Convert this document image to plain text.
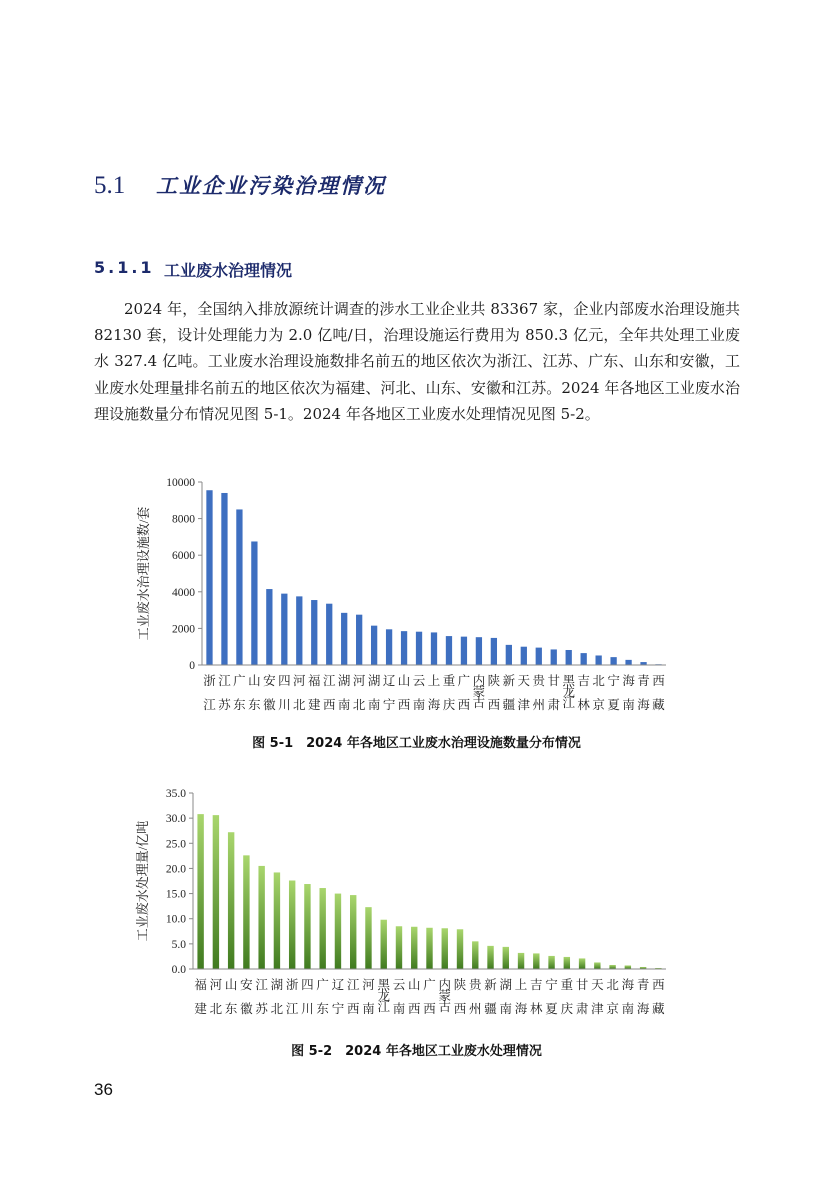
5.1	工业企业污染治理情况
5.1.1 工业废水治理情况

2024 年，全国纳入排放源统计调查的涉水工业企业共 83367 家，企业内部废水治理设施共 82130 套，设计处理能力为 2.0 亿吨/日，治理设施运行费用为 850.3 亿元，全年共处理工业废水 327.4 亿吨。工业废水治理设施数排名前五的地区依次为浙江、江苏、广东、山东和安徽，工业废水处理量排名前五的地区依次为福建、河北、山东、安徽和江苏。2024 年各地区工业废水治理设施数量分布情况见图 5-1。2024 年各地区工业废水处理情况见图 5-2。

工业废水治理设施数/套
0
2000
4000
6000
8000
10000
浙江
江苏
广东
山东
安徽
四川
河北
福建
江西
湖南
河北
湖南
辽宁
山西
云南
上海
重庆
广西
内蒙古
陕西
新疆
天津
贵州
甘肃
黑龙江
吉林
北京
宁夏
海南
青海
西藏
图 5-1　2024 年各地区工业废水治理设施数量分布情况
工业废水处理量/亿吨
0.0
5.0
10.0
15.0
20.0
25.0
30.0
35.0
福建
河北
山东
安徽
江苏
湖北
浙江
四川
广东
辽宁
江西
河南
黑龙江
云南
山西
广西
内蒙古
陕西
贵州
新疆
湖南
上海
吉林
宁夏
重庆
甘肃
天津
北京
海南
青海
西藏
图 5-2　2024 年各地区工业废水处理情况
36
